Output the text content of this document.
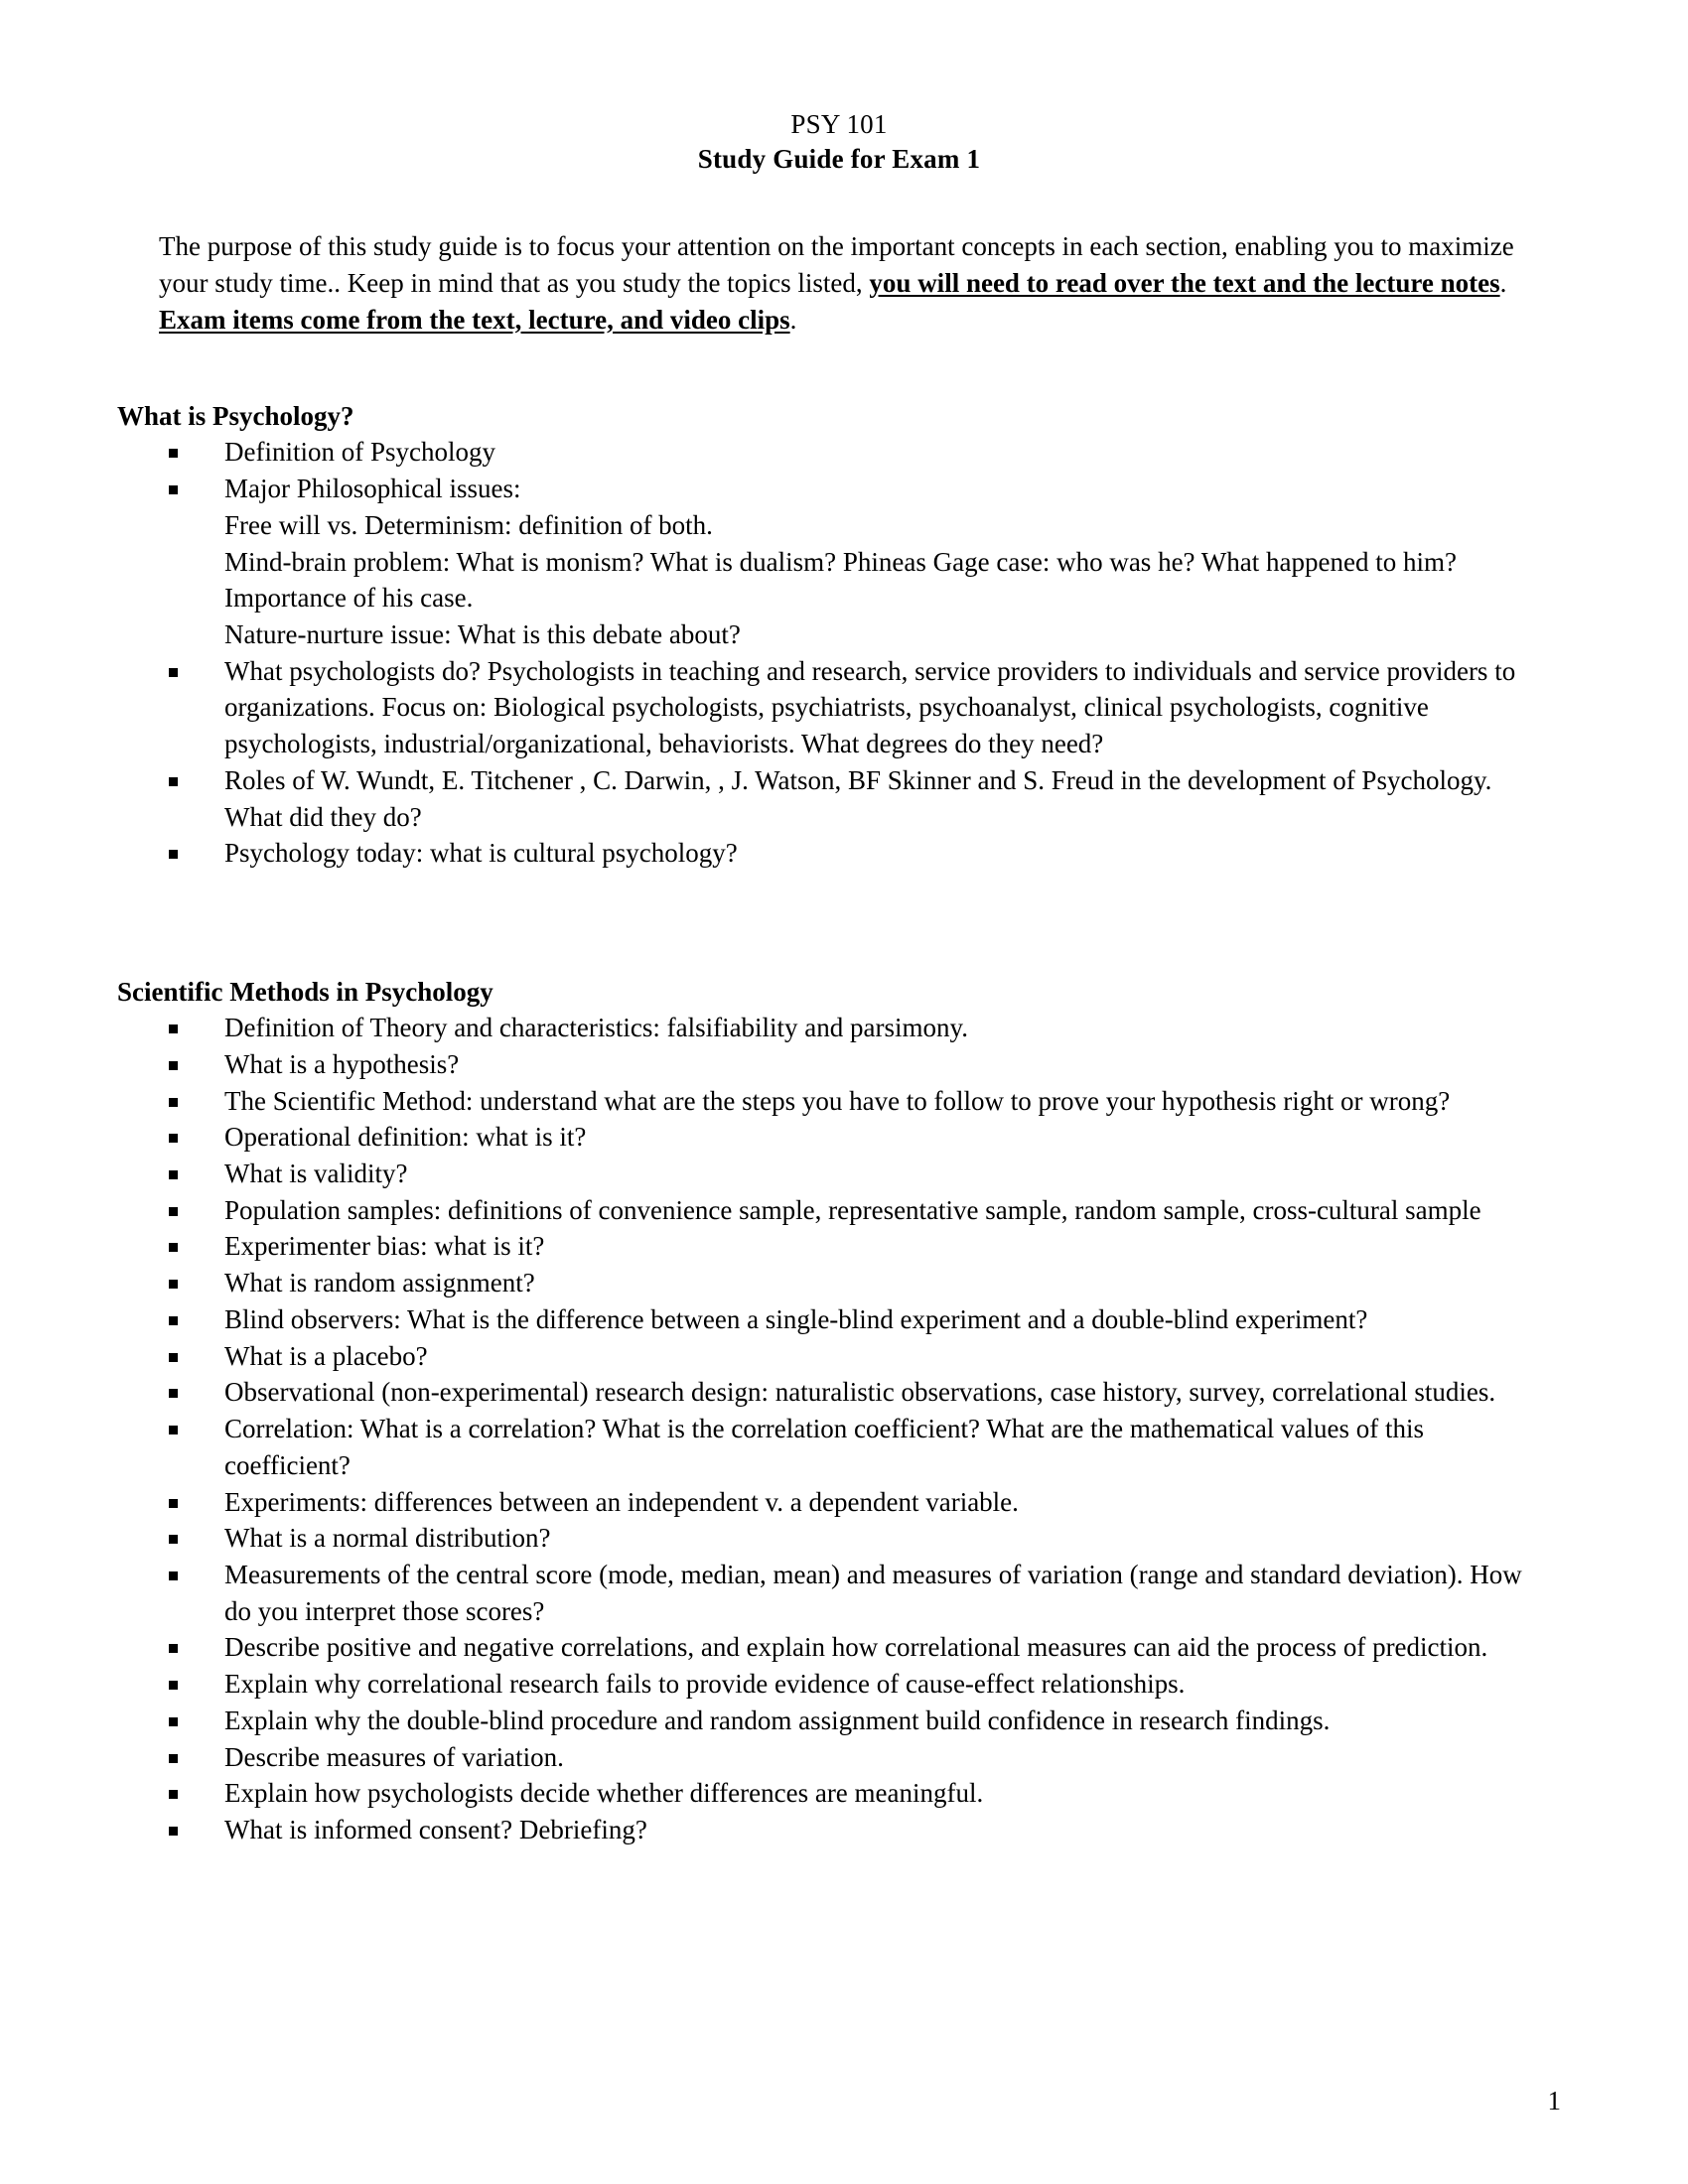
PSY 101
Study Guide for Exam 1

The purpose of this study guide is to focus your attention on the important concepts in each section, enabling you to maximize your study time.. Keep in mind that as you study the topics listed, you will need to read over the text and the lecture notes. Exam items come from the text, lecture, and video clips.

What is Psychology?
Definition of Psychology
Major Philosophical issues:
Free will vs. Determinism: definition of both.
Mind-brain problem: What is monism? What is dualism? Phineas Gage case: who was he? What happened to him? Importance of his case.
Nature-nurture issue: What is this debate about?
What psychologists do? Psychologists in teaching and research, service providers to individuals and service providers to organizations. Focus on: Biological psychologists, psychiatrists, psychoanalyst, clinical psychologists, cognitive psychologists, industrial/organizational, behaviorists. What degrees do they need?
Roles of W. Wundt, E. Titchener , C. Darwin, , J. Watson, BF Skinner and S. Freud in the development of Psychology. What did they do?
Psychology today: what is cultural psychology?
Scientific Methods in Psychology
Definition of Theory and characteristics: falsifiability and parsimony.
What is a hypothesis?
The Scientific Method: understand what are the steps you have to follow to prove your hypothesis right or wrong?
Operational definition: what is it?
What is validity?
Population samples: definitions of convenience sample, representative sample, random sample, cross-cultural sample
Experimenter bias: what is it?
What is random assignment?
Blind observers: What is the difference between a single-blind experiment and a double-blind experiment?
What is a placebo?
Observational (non-experimental) research design: naturalistic observations, case history, survey, correlational studies.
Correlation: What is a correlation? What is the correlation coefficient? What are the mathematical values of this coefficient?
Experiments: differences between an independent v. a dependent variable.
What is a normal distribution?
Measurements of the central score (mode, median, mean) and measures of variation (range and standard deviation). How do you interpret those scores?
Describe positive and negative correlations, and explain how correlational measures can aid the process of prediction.
Explain why correlational research fails to provide evidence of cause-effect relationships.
Explain why the double-blind procedure and random assignment build confidence in research findings.
Describe measures of variation.
Explain how psychologists decide whether differences are meaningful.
What is informed consent? Debriefing?
1
